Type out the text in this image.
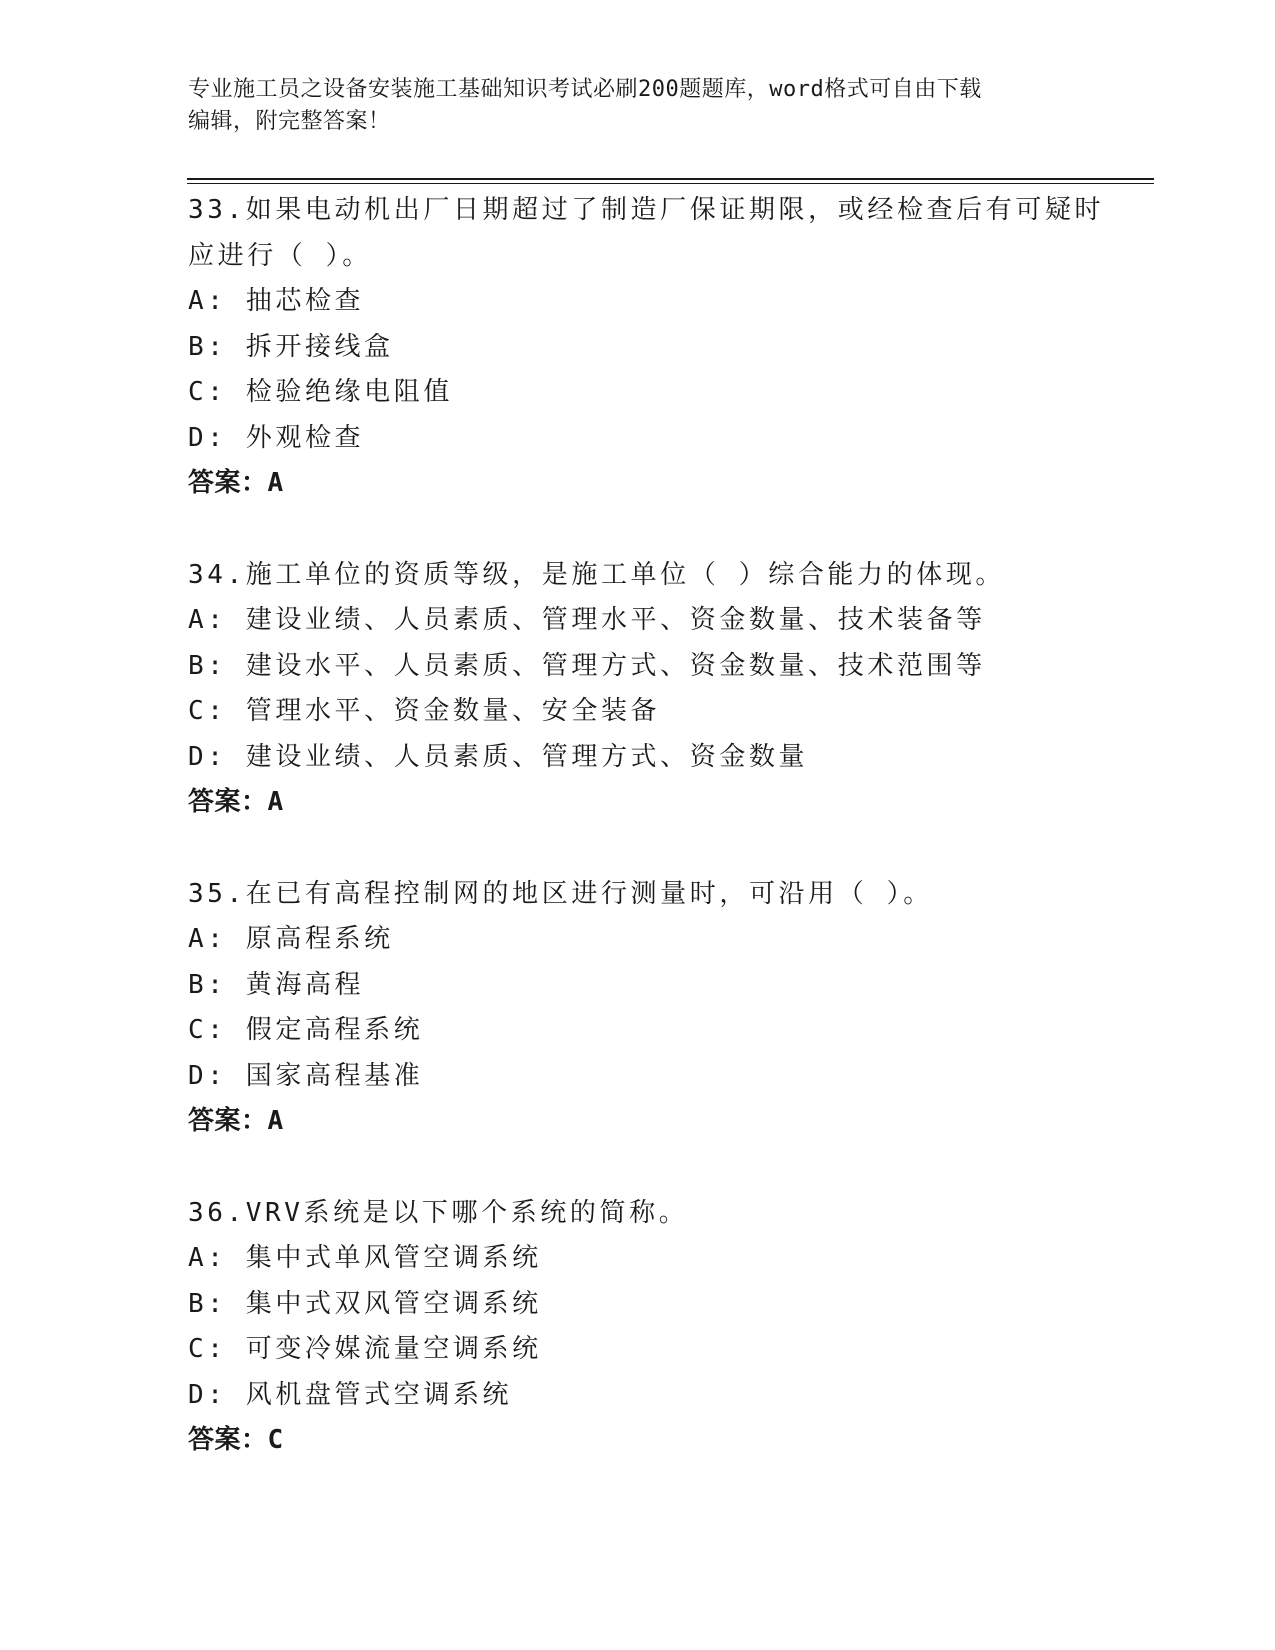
专业施工员之设备安装施工基础知识考试必刷200题题库，word格式可自由下载
编辑，附完整答案！
33.如果电动机出厂日期超过了制造厂保证期限，或经检查后有可疑时
应进行（ ）。
A: 抽芯检查
B: 拆开接线盒
C: 检验绝缘电阻值
D: 外观检查
答案：A
34.施工单位的资质等级，是施工单位（ ）综合能力的体现。
A: 建设业绩、人员素质、管理水平、资金数量、技术装备等
B: 建设水平、人员素质、管理方式、资金数量、技术范围等
C: 管理水平、资金数量、安全装备
D: 建设业绩、人员素质、管理方式、资金数量
答案：A
35.在已有高程控制网的地区进行测量时，可沿用（ ）。
A: 原高程系统
B: 黄海高程
C: 假定高程系统
D: 国家高程基准
答案：A
36.VRV系统是以下哪个系统的简称。
A: 集中式单风管空调系统
B: 集中式双风管空调系统
C: 可变冷媒流量空调系统
D: 风机盘管式空调系统
答案：C
